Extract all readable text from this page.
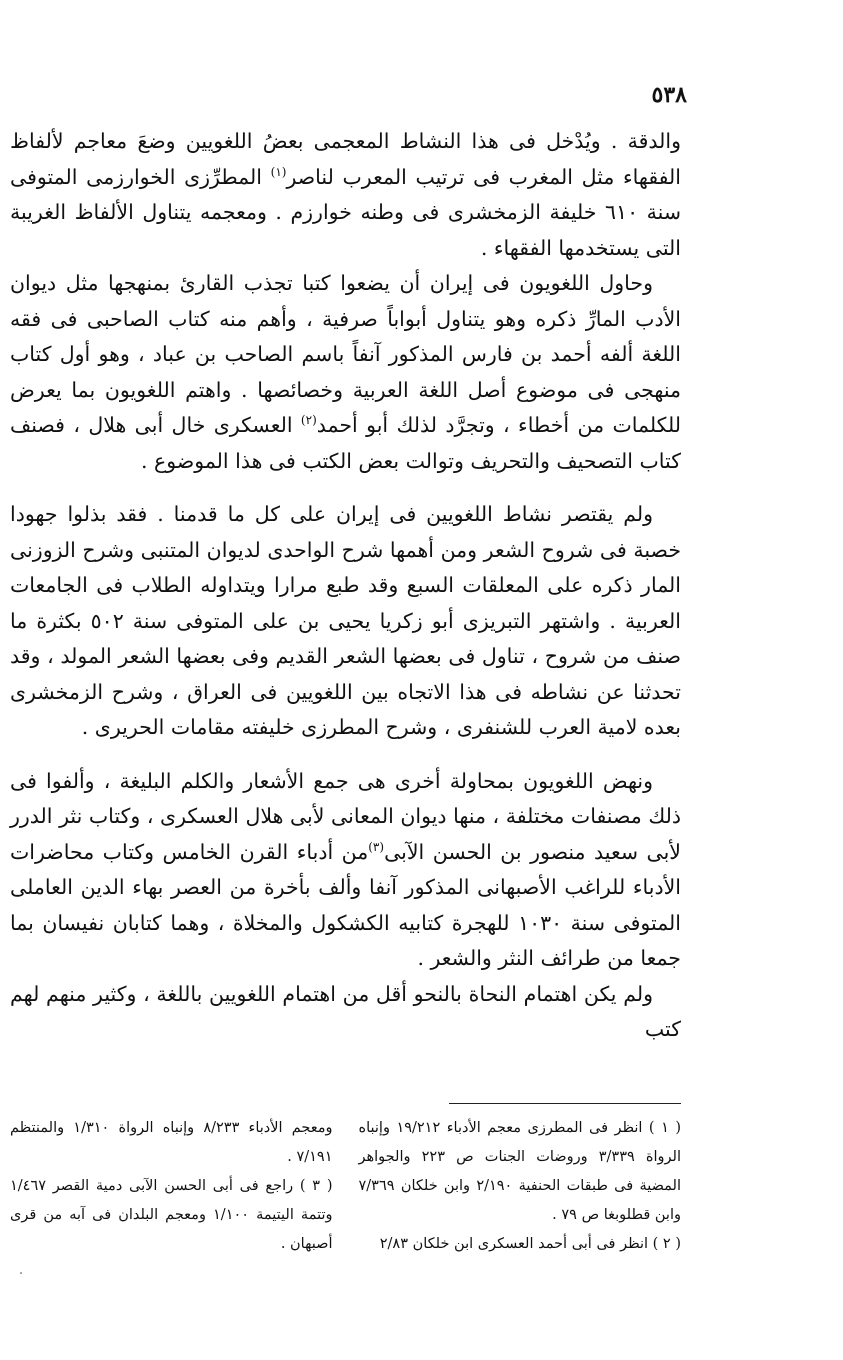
٥٣٨

والدقة . ويُدْخل فى هذا النشاط المعجمى بعضُ اللغويين وضعَ معاجم لألفاظ الفقهاء مثل المغرب فى ترتيب المعرب لناصر$^{(١)}$ المطرِّزى الخوارزمى المتوفى سنة ٦١٠ خليفة الزمخشرى فى وطنه خوارزم . ومعجمه يتناول الألفاظ الغريبة التى يستخدمها الفقهاء .

وحاول اللغويون فى إيران أن يضعوا كتبا تجذب القارئ بمنهجها مثل ديوان الأدب المارِّ ذكره وهو يتناول أبواباً صرفية ، وأهم منه كتاب الصاحبى فى فقه اللغة ألفه أحمد بن فارس المذكور آنفاً باسم الصاحب بن عباد ، وهو أول كتاب منهجى فى موضوع أصل اللغة العربية وخصائصها . واهتم اللغويون بما يعرض للكلمات من أخطاء ، وتجرَّد لذلك أبو أحمد$^{(٢)}$ العسكرى خال أبى هلال ، فصنف كتاب التصحيف والتحريف وتوالت بعض الكتب فى هذا الموضوع .

ولم يقتصر نشاط اللغويين فى إيران على كل ما قدمنا . فقد بذلوا جهودا خصبة فى شروح الشعر ومن أهمها شرح الواحدى لديوان المتنبى وشرح الزوزنى المار ذكره على المعلقات السبع وقد طبع مرارا ويتداوله الطلاب فى الجامعات العربية . واشتهر التبريزى أبو زكريا يحيى بن على المتوفى سنة ٥٠٢ بكثرة ما صنف من شروح ، تناول فى بعضها الشعر القديم وفى بعضها الشعر المولد ، وقد تحدثنا عن نشاطه فى هذا الاتجاه بين اللغويين فى العراق ، وشرح الزمخشرى بعده لامية العرب للشنفرى ، وشرح المطرزى خليفته مقامات الحريرى .

ونهض اللغويون بمحاولة أخرى هى جمع الأشعار والكلم البليغة ، وألفوا فى ذلك مصنفات مختلفة ، منها ديوان المعانى لأبى هلال العسكرى ، وكتاب نثر الدرر لأبى سعيد منصور بن الحسن الآبى$^{(٣)}$من أدباء القرن الخامس وكتاب محاضرات الأدباء للراغب الأصبهانى المذكور آنفا وألف بأخرة من العصر بهاء الدين العاملى المتوفى سنة ١٠٣٠ للهجرة كتابيه الكشكول والمخلاة ، وهما كتابان نفيسان بما جمعا من طرائف النثر والشعر .

ولم يكن اهتمام النحاة بالنحو أقل من اهتمام اللغويين باللغة ، وكثير منهم لهم كتب

( ١ ) انظر فى المطرزى معجم الأدباء ١٩/٢١٢ وإنباه الرواة ٣/٣٣٩ وروضات الجنات ص ٢٢٣ والجواهر المضية فى طبقات الحنفية ٢/١٩٠ وابن خلكان ٧/٣٦٩ وابن قطلوبغا ص ٧٩ .

( ٢ ) انظر فى أبى أحمد العسكرى ابن خلكان ٢/٨٣

ومعجم الأدباء ٨/٢٣٣ وإنباه الرواة ١/٣١٠ والمنتظم ٧/١٩١ .

( ٣ ) راجع فى أبى الحسن الآبى دمية القصر ١/٤٦٧ وتتمة اليتيمة ١/١٠٠ ومعجم البلدان فى آبه من قرى أصبهان .
